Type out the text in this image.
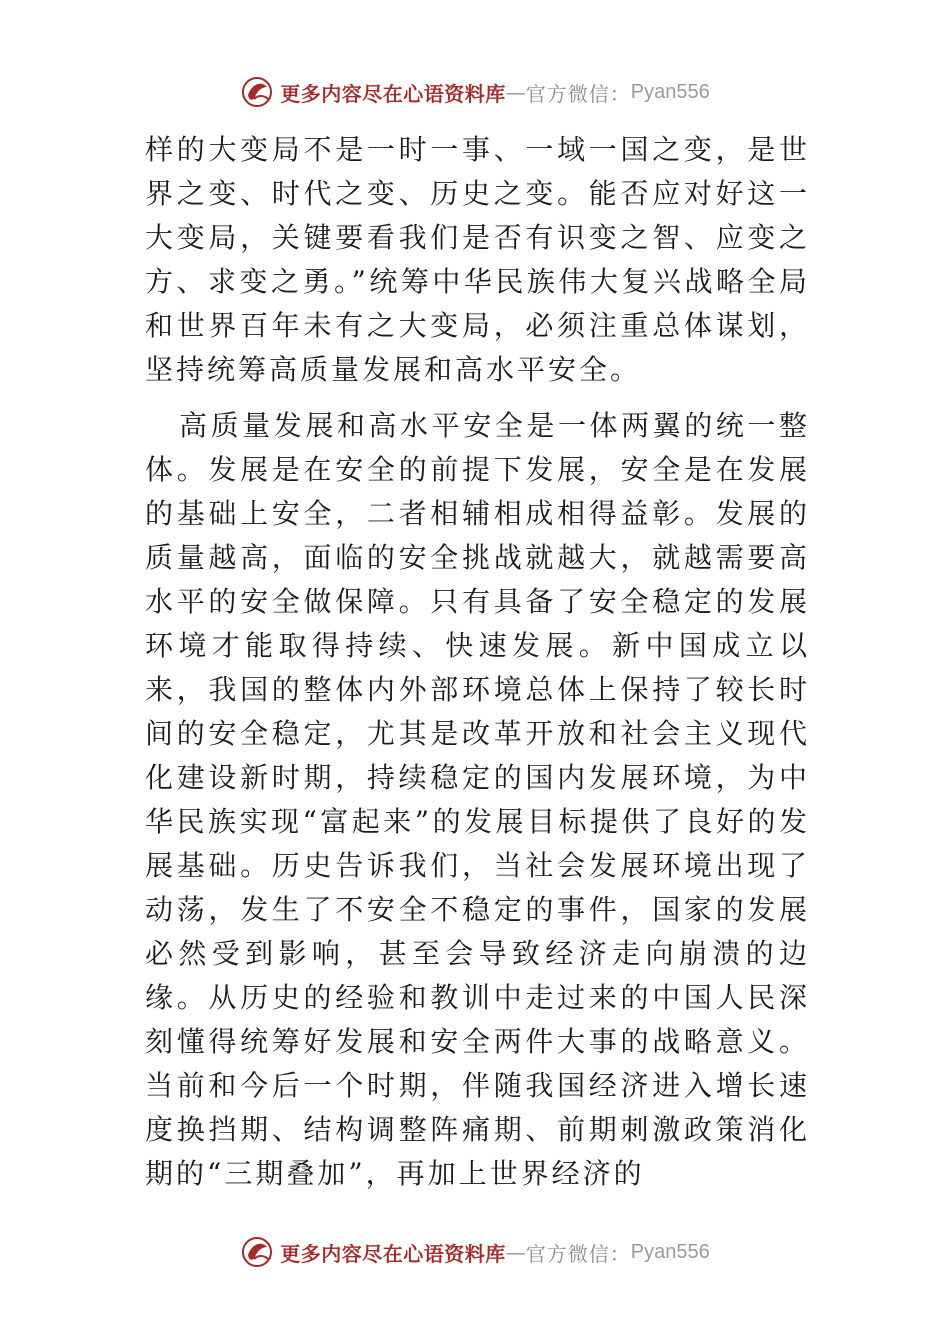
更多内容尽在心语资料库 — 官方微信： Pyan556

样的大变局不是一时一事、一域一国之变，是世界之变、时代之变、历史之变。能否应对好这一大变局，关键要看我们是否有识变之智、应变之方、求变之勇。”统筹中华民族伟大复兴战略全局和世界百年未有之大变局，必须注重总体谋划，坚持统筹高质量发展和高水平安全。

高质量发展和高水平安全是一体两翼的统一整体。发展是在安全的前提下发展，安全是在发展的基础上安全，二者相辅相成相得益彰。发展的质量越高，面临的安全挑战就越大，就越需要高水平的安全做保障。只有具备了安全稳定的发展环境才能取得持续、快速发展。新中国成立以来，我国的整体内外部环境总体上保持了较长时间的安全稳定，尤其是改革开放和社会主义现代化建设新时期，持续稳定的国内发展环境，为中华民族实现“富起来”的发展目标提供了良好的发展基础。历史告诉我们，当社会发展环境出现了动荡，发生了不安全不稳定的事件，国家的发展必然受到影响，甚至会导致经济走向崩溃的边缘。从历史的经验和教训中走过来的中国人民深刻懂得统筹好发展和安全两件大事的战略意义。当前和今后一个时期，伴随我国经济进入增长速度换挡期、结构调整阵痛期、前期刺激政策消化期的“三期叠加”，再加上世界经济的

更多内容尽在心语资料库 — 官方微信： Pyan556
